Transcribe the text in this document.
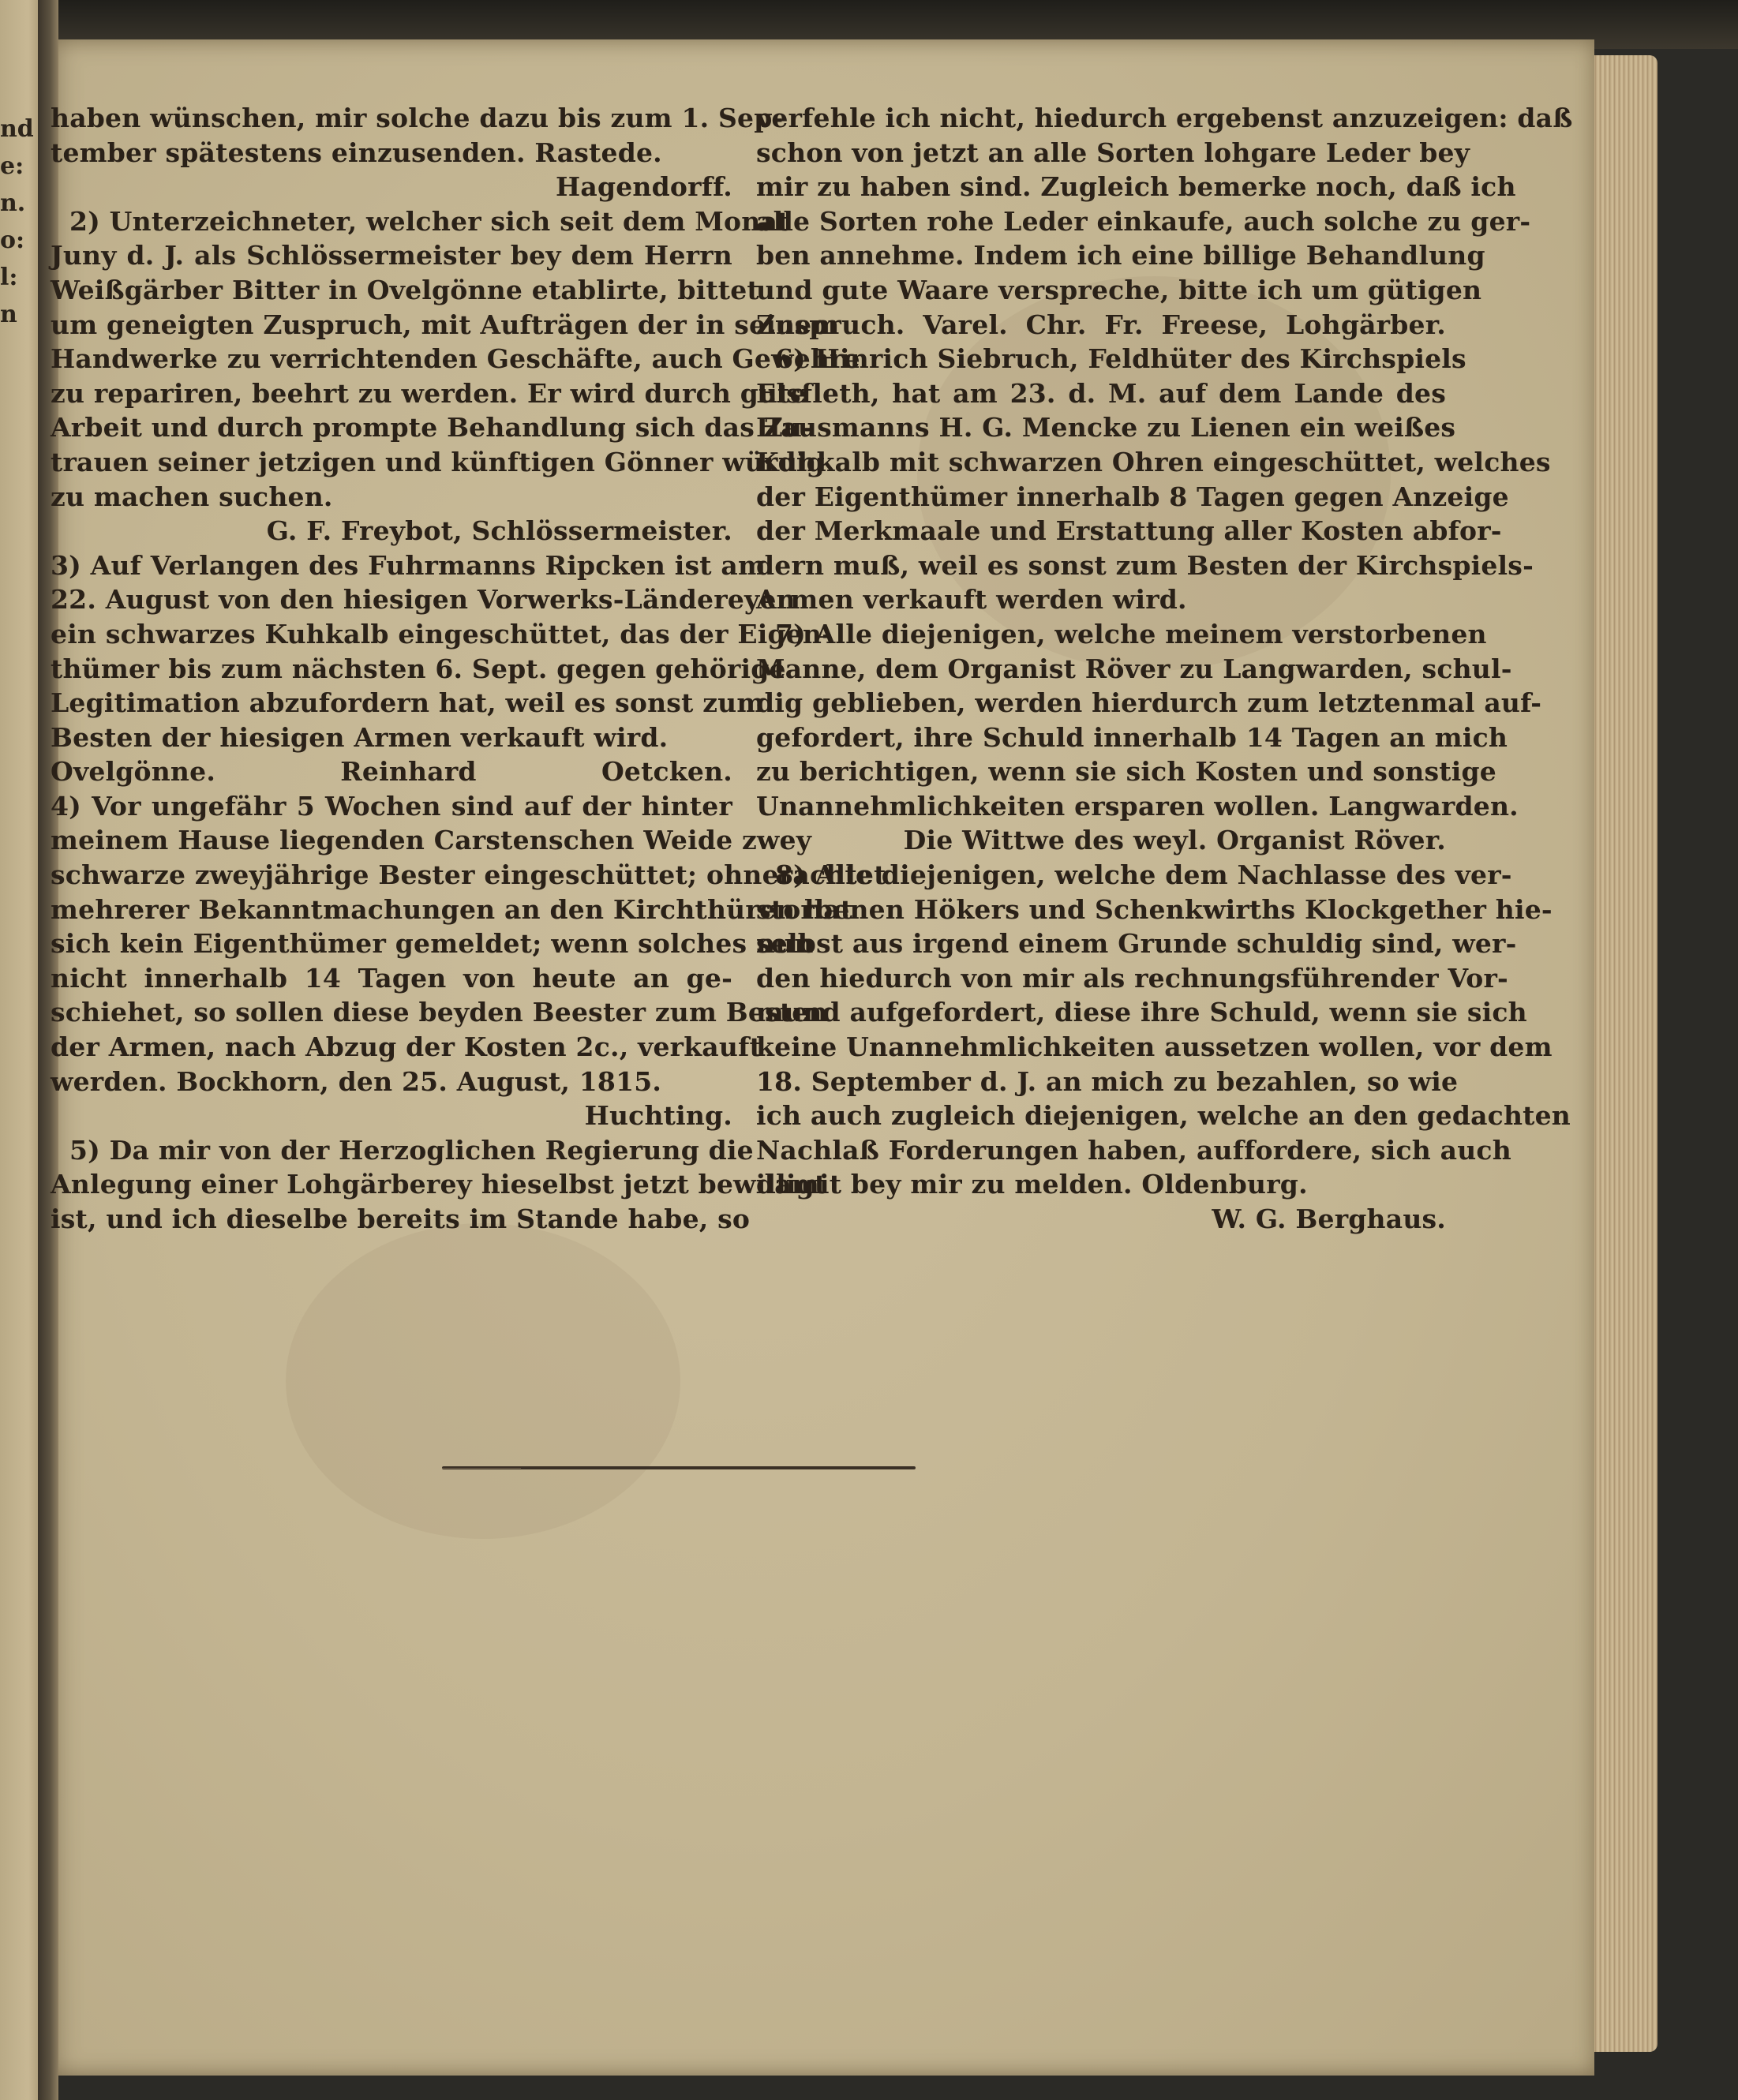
nd
e:
n.
o:
l:
n
haben wünschen, mir solche dazu bis zum 1. Sep-
tember spätestens einzusenden. Rastede.
Hagendorff.
2) Unterzeichneter, welcher sich seit dem Monat
Juny d. J. als Schlössermeister bey dem Herrn
Weißgärber Bitter in Ovelgönne etablirte, bittet
um geneigten Zuspruch, mit Aufträgen der in seinem
Handwerke zu verrichtenden Geschäfte, auch Gewehre
zu repariren, beehrt zu werden. Er wird durch gute
Arbeit und durch prompte Behandlung sich das Zu-
trauen seiner jetzigen und künftigen Gönner würdig
zu machen suchen.
G. F. Freybot, Schlössermeister.
3) Auf Verlangen des Fuhrmanns Ripcken ist am
22. August von den hiesigen Vorwerks-Ländereyen
ein schwarzes Kuhkalb eingeschüttet, das der Eigen-
thümer bis zum nächsten 6. Sept. gegen gehörige
Legitimation abzufordern hat, weil es sonst zum
Besten der hiesigen Armen verkauft wird.
Ovelgönne. Reinhard Oetcken.
4) Vor ungefähr 5 Wochen sind auf der hinter
meinem Hause liegenden Carstenschen Weide zwey
schwarze zweyjährige Bester eingeschüttet; ohnerachtet
mehrerer Bekanntmachungen an den Kirchthüren hat
sich kein Eigenthümer gemeldet; wenn solches nun
nicht innerhalb 14 Tagen von heute an ge-
schiehet, so sollen diese beyden Beester zum Besten
der Armen, nach Abzug der Kosten 2c., verkauft
werden. Bockhorn, den 25. August, 1815.
Huchting.
5) Da mir von der Herzoglichen Regierung die
Anlegung einer Lohgärberey hieselbst jetzt bewilligt
ist, und ich dieselbe bereits im Stande habe, so
verfehle ich nicht, hiedurch ergebenst anzuzeigen: daß
schon von jetzt an alle Sorten lohgare Leder bey
mir zu haben sind. Zugleich bemerke noch, daß ich
alle Sorten rohe Leder einkaufe, auch solche zu ger-
ben annehme. Indem ich eine billige Behandlung
und gute Waare verspreche, bitte ich um gütigen
Zuspruch. Varel. Chr. Fr. Freese, Lohgärber.
6) Hinrich Siebruch, Feldhüter des Kirchspiels
Elsfleth, hat am 23. d. M. auf dem Lande des
Hausmanns H. G. Mencke zu Lienen ein weißes
Kuhkalb mit schwarzen Ohren eingeschüttet, welches
der Eigenthümer innerhalb 8 Tagen gegen Anzeige
der Merkmaale und Erstattung aller Kosten abfor-
dern muß, weil es sonst zum Besten der Kirchspiels-
Armen verkauft werden wird.
7) Alle diejenigen, welche meinem verstorbenen
Manne, dem Organist Röver zu Langwarden, schul-
dig geblieben, werden hierdurch zum letztenmal auf-
gefordert, ihre Schuld innerhalb 14 Tagen an mich
zu berichtigen, wenn sie sich Kosten und sonstige
Unannehmlichkeiten ersparen wollen. Langwarden.
Die Wittwe des weyl. Organist Röver.
8) Alle diejenigen, welche dem Nachlasse des ver-
storbenen Hökers und Schenkwirths Klockgether hie-
selbst aus irgend einem Grunde schuldig sind, wer-
den hiedurch von mir als rechnungsführender Vor-
mund aufgefordert, diese ihre Schuld, wenn sie sich
keine Unannehmlichkeiten aussetzen wollen, vor dem
18. September d. J. an mich zu bezahlen, so wie
ich auch zugleich diejenigen, welche an den gedachten
Nachlaß Forderungen haben, auffordere, sich auch
damit bey mir zu melden. Oldenburg.
W. G. Berghaus.
